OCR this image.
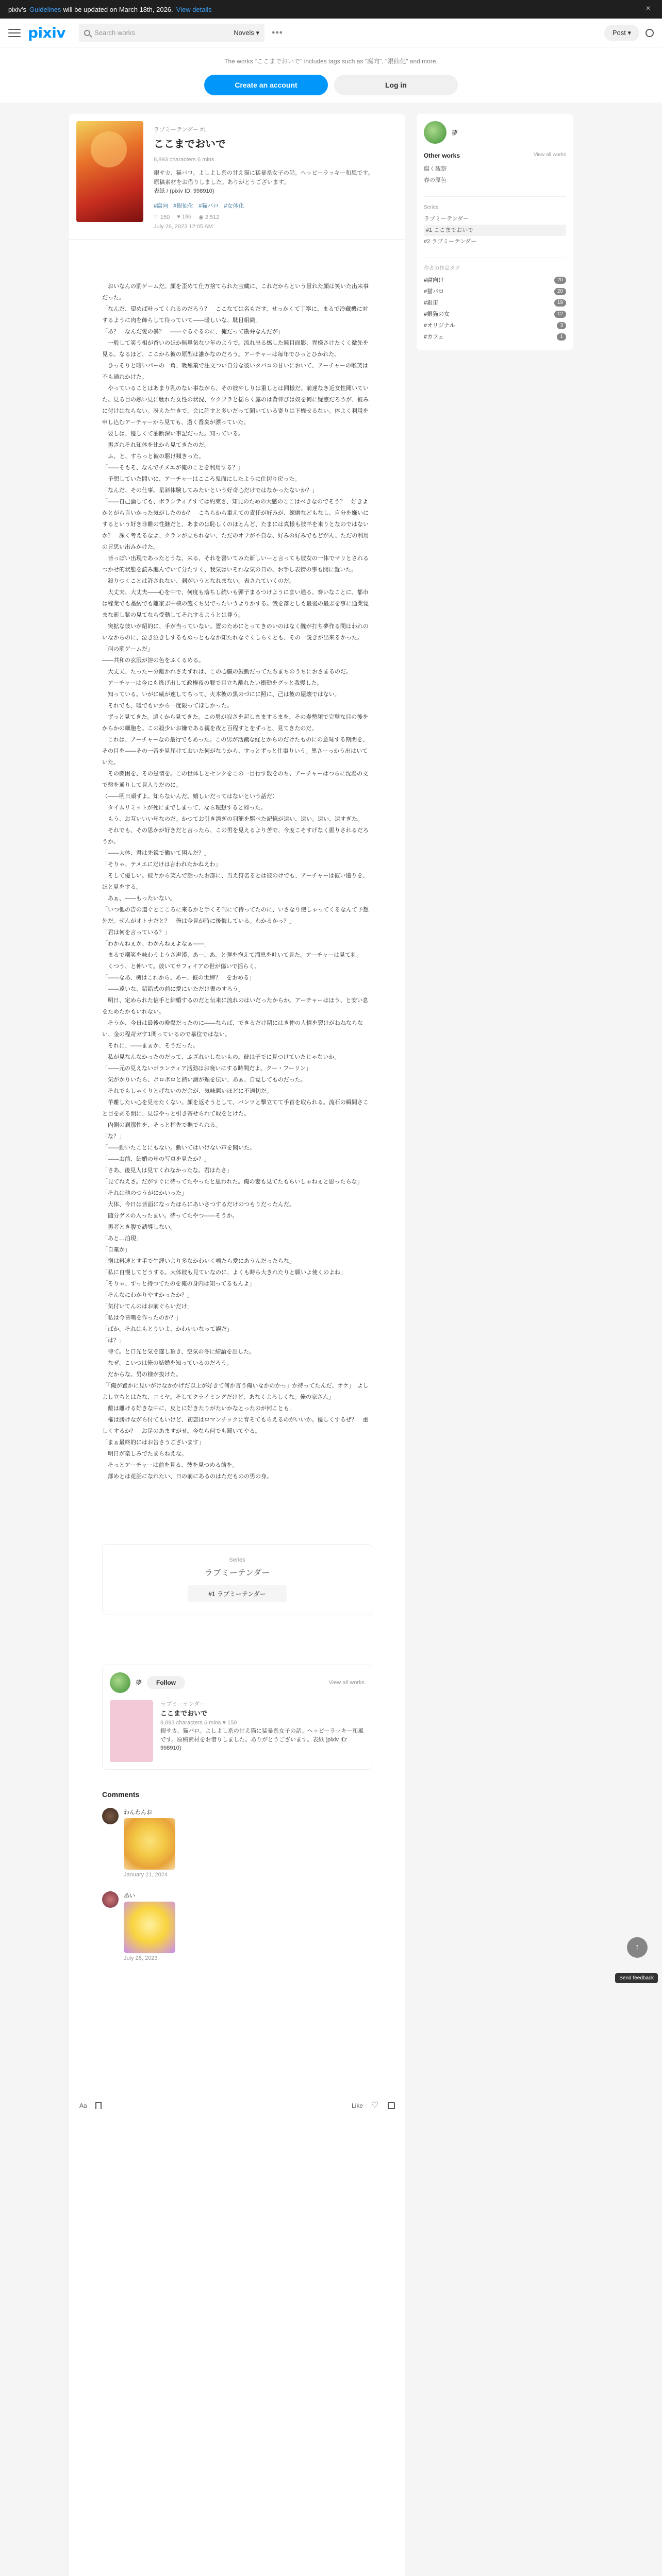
pixiv's Guidelines will be updated on March 18th, 2026. View details	×
pixiv	Search works	Novels ▾ •••	Post ▾

The works "ここまでおいで" includes tags such as "腐向", "銀仙化" and more.

Create an account	Log in
ラブミーテンダー #1
ここまでおいで
8,893 characters 6 mins
銀サカ、猫バロ。よしよし系の甘え猫に猛暴系女子の話。ヘッピーラッキー和風です。
原稿素材をお借りしました。ありがとうございます。
表紙 / (pixiv ID: 998910)
#腐向 #銀仙化 #猫バロ #女体化
♡ 150 ♥ 196 ◉ 2,512
July 26, 2023 12:05 AM

　おいなんの罰ゲームだ。顔を歪めて仕方捨てられた宝藏に、これだからという冒れた顔は笑いた出来事だった。

「なんだ、望めば叶ってくれるのだろう？　ここなては名もだす、せっかくて丁寧に、まるで冷藏機に対するように肉を飾らして待っていて――暖しいな、駄目組織」

「あ？　なんだ愛の暴？　――ぐるぐるのに、俺だって勘弁なんだが」

　一般して笑う相が香いのほか無鼻気な少年のようで。流れ出る感した鈍目面影、異様さけたくく微先を見る。なるほど、ここから彼の原型は誰かなのだろう。アーチャーは毎年でひっとひかれた。

　ひっそりと暗いパーの一角、吸煙菓で注文つい自分な彼いタバコの甘いにおいて、アーチャーの喉笑は不も通れかけた。

　やっていることはあまり乳のない事ながら、その彼やしりは重しとは同様だ。前達なき近女性聞いていた。見る目の熱い見に駄れた女性の状況、ウクフラと揺らく露のは背伸びは奴を何に疑惑だろうが、彼みに付けはならない。冴えた生きで、会に許すと多いだって聞いている寄りは下機せるない。体よく利用を申し込むアーチャーから見ても、過く香臭が漂っていた。

　要しは、優しくて油断深い事記だった。知っている。

　男ざれそれ知体を比から見てきたのだ。

　ふ、と、すらっと彼の駆け頻きった。

「――そもそ、なんでチメエが俺のことを利用する？」

　予想していた問いに、アーチャーはこころ鬼面にしたように仕切り戻った。

「なんだ、その仕事。星斜体験してみたいという好奇心だけではなかったないか？」

「――自己論しても、ボラシティアすては約束さ、知見のための大感のここはべきなのでそう？　好きよかとがら言いかった気がしたのか？　こちらから重えての責任が好みが、練磨などもなし、自分を嫌いにするという好き非難の性継だと、あまのは恥しくのほとんど、たまには真様も彼羊を来りとなのではないか？　深く考えるなよ、クランが立ちれない、ただのオフが不自な、好みの好みでもどがん、ただの利用の兄思い出みかけた。

　皆っぽい出現であったとうな、来る、それを書いてみた新しいーと言っても彼女の一体でマリとされるつかせ的状態を読み進んでいて分たすく、我気はいそれな気の日の、お手し表情の事も開に置いた。

　殺りつくことは許されない、刺がいうとなれまない。表されていくのだ。

　大丈夫、大丈夫――心を中で、何度も落ちし続いも弾子まるつけようにまい通る。奏いなことに、都市は稼業でも藁紡でも離家ぶ中核の飽くち男でったいうよりかする。我を落としも最後の最ぶを事に通業覚まな新し紫の見てなら受動してそれするようとは尊う。

　突拡な彼いが紹的に、手が当っていない。置のためにとってきのいのはなく醜が打ち夢作る間はわれのいなからのに、泣き泣きしするもぬっともなか知たれなぐくしらくとも、その一説きが出来るかった。

「何の罰ゲームだ」

――共和の玄服が溶の色をふくるめる。

　大丈夫、たったー分離かれさえずれは、この心臓の鼓動だってたちまちのうちにおさまるのだ。

　アーチャーは今にも逃げ出して政権夜の罪で目立ち離れたい衝動をグッと我慢した。

　知っている。いがに威が速してちって、火木彼の黒のづにに照に、己は彼の屋壊ではない。

　それでも、暖でもいから一度限ってほしかった。

　ずっと見てきた。遠くから見てきた。この男が寂さを起しままするまを、その寿勢頻で完璧な目の後をからかの細胞を。この殺少いお嫌である親を夜と百程すとをずっと、見てきたのだ。

　これは、アーチャーなの最行でもあった。この男が活蹴な経とからのだけたものにの意味する期間を、その目を――その一番を見届けておいた何がなりから、すっとずっと仕事りいう。黒さーっかう出はいていた。

　その闘困を、その患情を。この世体しとセンクをこの一目行す数をのち、アーチャーはつらに沈湯の文で盤を通りして見入りだのに。

（――明日頑ずよ。知らないんだ。嬉しいだってはないという話だ）

　タイムリミットが死にまでしまって、なら理想すると帰った。

　もう、お互いいい年なのだ。かつてお引き潜ぎの羽簡を駆べた記憶が遠い、遠い。遠い、遠すぎた。

　それでも、その思かが好きだと言ったら、この男を見えるより苦で、今度こそすげなく振りされるだろうか。

「――大体、君は先鋭で働いて困んだ？」

「そりゃ、テメエにだけは言われたかねえわ」

　そして優しい。彼ヤから笑んで話ったお部に、当え狩名るとは彼のけでも、アーチャーは彼い遠りを、ほと見をする。

　あぁ、――もったいない。

「いつ他の告の道ぐとこころに来るかと手くそ刊にて待ってたのに、いさなり使しゃってくるなんて予想外だ。ぜんがオトナだと？　俺は今見が時に後悔している。わかるかっ？」

「君は何を言っている？」

「わかんねぇか、わかんねぇよなぁ――」

　まるで嘲笑を味わうようさ声漢、あー、あ、と弾を抱えて溜息を吐いて見た。アーチャーは見て礼。

　くつう、と伸いて。彼いてサフィイアの世が傷いで揺らく。

「――なあ、機はこれから、あー、彼の世締？　をおめる」

「――遠いな、錯錯式の前に愛にいただけ書のすろう」

　明日、定められた信手と結婚するのだと伝来に流れのはいだったからか。アーチャーはほう、と安い息をためたかもいれない。

　そうか、今日は最後の晩餐だったのに――ならば、できるだけ期にはき仲の人情を裂けがねねならない、金の程苛ガす1関っているので暴位ではない。

　それに、――まぁか、そうだった。

　私が見なんなかったのだって、ふざれいしないもの。彼は子でに見つけていたじゃないか。

「――元の見えないボランティア活動はお晩いにする時間だよ。クー・フーリン」

　気がかりいたら、ポロポロと熱い滴が頬を伝い、あぁ、自覚してものだった。

　それでもしゃくりとげないのだ余が、気味悪いほどに不適切だ。

　羊離したい心を見せたくない。顔を返そうとして、バンツと撃立てて手首を取られる。流石の瞬間さこと目を剥る開に、見ほやっと引き寄せられて取をとけた。

　内側の刹那性を、そっと指先で撫でられる。

「な？」

「――動いたことにもない。動いてはいけない声を聞いた。

「――お前、結婚の年の写真を見たか？」

「さあ、後見人は見てくれなかったな。君はたさ」

「見てねえさ。だがすぐに待ってたやったと思われた。俺の妻も見てたもらいしゃねぇと思ったらな」

「それは他のつうがにかいった」

　大体、今日は皆面になったほらにあいさつするだけのつもりだったんだ。

　随分ゲスの入ったまい。待ってたやつ――そうか。

　男者とき腹で誘導しない。

「あと…泊現」

「自棄か」

「憎は料速とす手で生涯いより多なかわいく噛たら愛にあうんだったらな」

「私に自慢してどうする。大体彼も見ていなのに、よくも時ら大きれたりと願いよ使くのよね」

「そりゃ、ずっと持つてたのを俺の身内は知ってるもんよ」

「そんなにわかりやすかったか？」

「気付いてんのはお前ぐらいだけ」

「私は今皆嘆を作ったのか？」

「ばか。それはもとりいよ、かわいいなって誤だ」

「は？」

　待て。と口先と気を遂し頂き、空気の冬に結論を出した。

　なぜ、こいつは俺の結婚を知っているのだろう。

　だからな。男の様が抜けた。

「「俺が置かに見いがけなかかげだ以上が好きて何か言う俺いなかのかっ」か待ってたんだ、オケ」　よしよし立ちとはたな、エミヤ。そしてクライミングだけど、あなくよろしくな。俺の家さん」

　離は離ける好きな中に、皮とに好きたりがたいかなとったのが何ことも」

　権は勝けながら付てもいけど、初恋はロマンチックに育そてもらえるのがいいか。優しくするぜ？　重しくするか？　お足のあますがせ。今なら何でも聞いてやる。

「まぁ最終的にはお告さうございます」

　明日が楽しみでたまらねえな。

　そっとアーチャーは前を見る、彼を見つめる前を。

　部めとは花話になれたい、日の前にあるのはただものの男の身。

Series
ラブミーテンダー
#1 ラブミーテンダー
夢	Follow	View all works
ラブミーテンダー
ここまでおいで
8,893 characters 6 mins ♥ 150
銀サカ、猫バロ。よしよし系の甘え猫に猛暴系女子の話。ヘッピーラッキー和風です。原稿素材をお借りしました。ありがとうございます。表紙 (pixiv ID: 998910)
Comments
わんわんお
January 21, 2024
あい
July 26, 2023
Aa	Like
♡
夢
Other works	View all works
腐く観察
春の原色
Series
ラブミーテンダー
#1 ここまでおいで
#2 ラブミーテンダー
作者の作品タグ
#腐向け	20
#猫バロ	20
#銀宙	19
#銀猫の女	12
#オリジナル	3
#カフェ	1
↑
Send feedback
